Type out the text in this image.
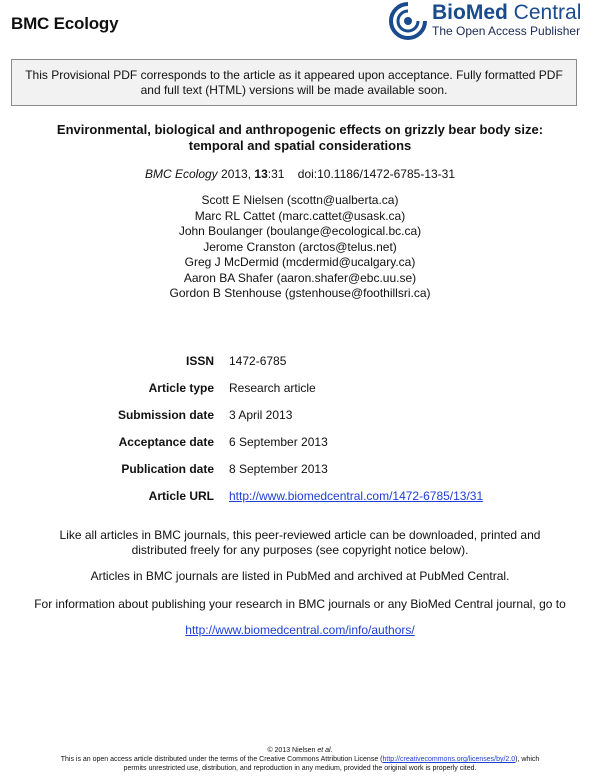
BMC Ecology	BioMed Central
The Open Access Publisher
This Provisional PDF corresponds to the article as it appeared upon acceptance. Fully formatted PDF and full text (HTML) versions will be made available soon.
Environmental, biological and anthropogenic effects on grizzly bear body size:
temporal and spatial considerations
BMC Ecology 2013, 13:31    doi:10.1186/1472-6785-13-31
Scott E Nielsen (scottn@ualberta.ca)
Marc RL Cattet (marc.cattet@usask.ca)
John Boulanger (boulange@ecological.bc.ca)
Jerome Cranston (arctos@telus.net)
Greg J McDermid (mcdermid@ucalgary.ca)
Aaron BA Shafer (aaron.shafer@ebc.uu.se)
Gordon B Stenhouse (gstenhouse@foothillsri.ca)
ISSN 1472-6785
Article type Research article
Submission date 3 April 2013
Acceptance date 6 September 2013
Publication date 8 September 2013
Article URL http://www.biomedcentral.com/1472-6785/13/31
Like all articles in BMC journals, this peer-reviewed article can be downloaded, printed and
distributed freely for any purposes (see copyright notice below).
Articles in BMC journals are listed in PubMed and archived at PubMed Central.
For information about publishing your research in BMC journals or any BioMed Central journal, go to
http://www.biomedcentral.com/info/authors/
© 2013 Nielsen et al.
This is an open access article distributed under the terms of the Creative Commons Attribution License (http://creativecommons.org/licenses/by/2.0), which
permits unrestricted use, distribution, and reproduction in any medium, provided the original work is properly cited.
